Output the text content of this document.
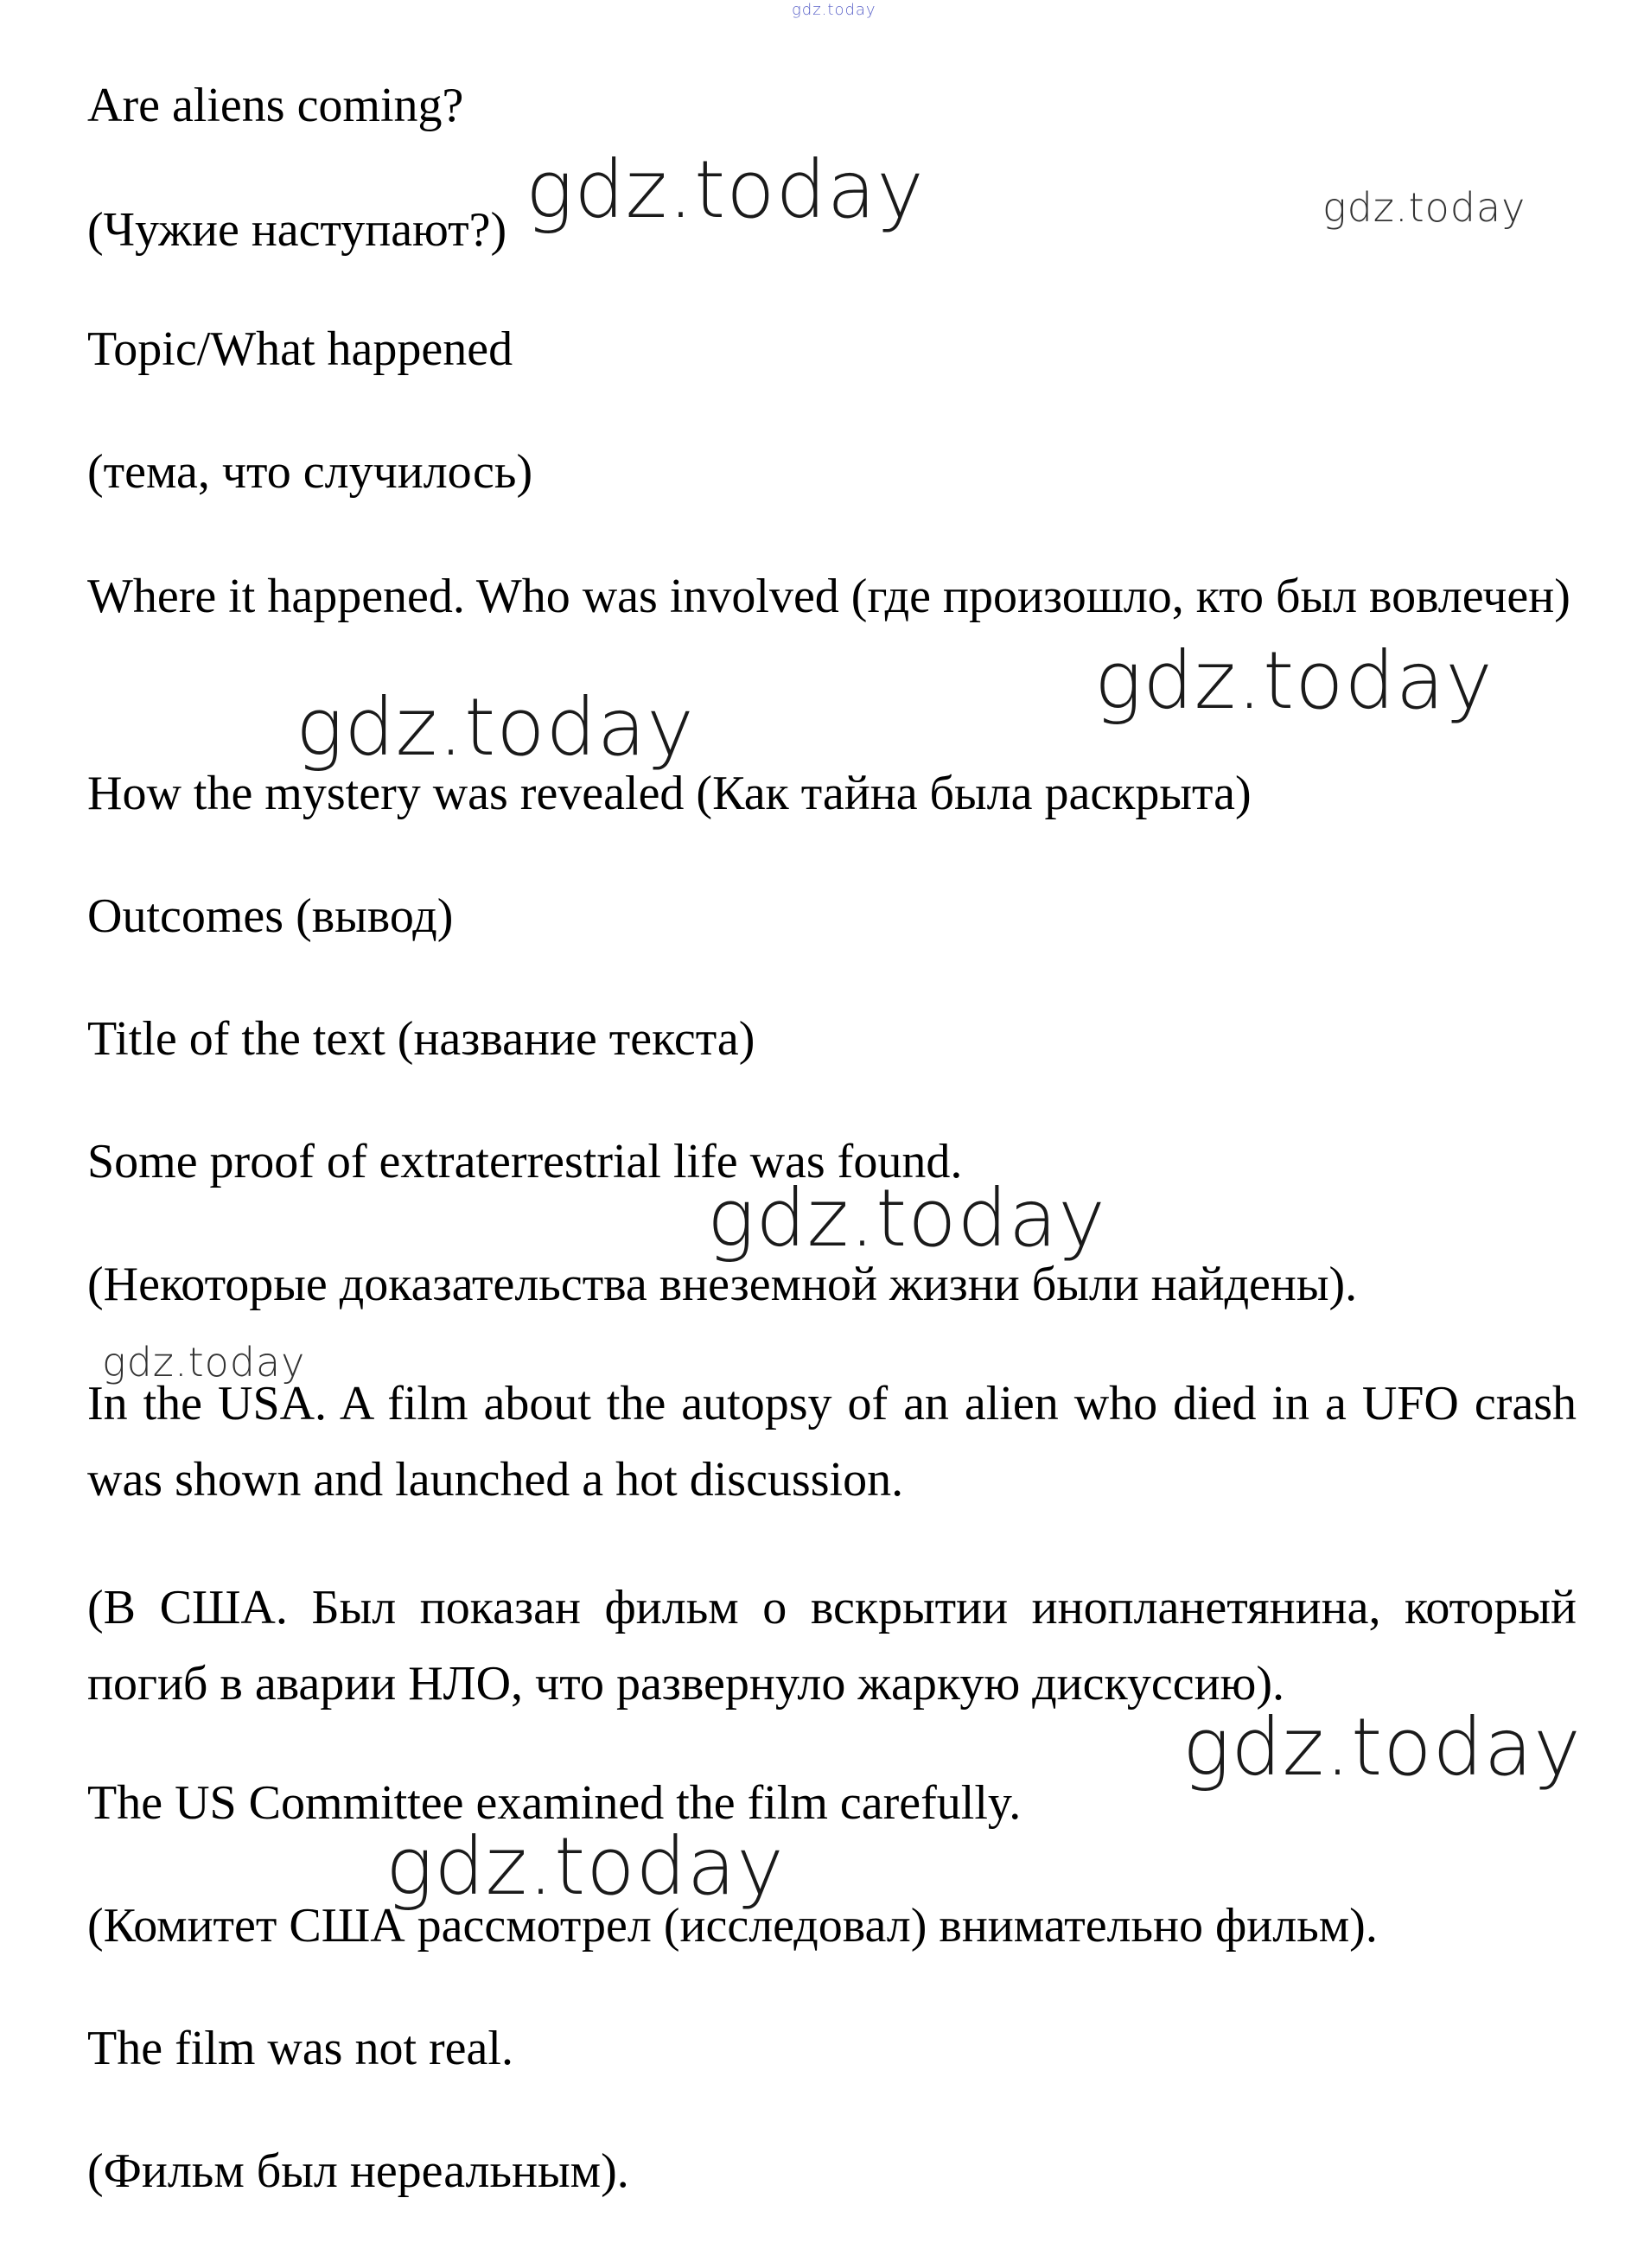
gdz.today
Are aliens coming?
(Чужие наступают?)
Topic/What happened
(тема, что случилось)
Where it happened. Who was involved (где произошло, кто был вовлечен)
How the mystery was revealed (Как тайна была раскрыта)
Outcomes (вывод)
Title of the text (название текста)
Some proof of extraterrestrial life was found.
(Некоторые доказательства внеземной жизни были найдены).
In the USA. A film about the autopsy of an alien who died in a UFO crash was shown and launched a hot discussion.
(В США. Был показан фильм о вскрытии инопланетянина, который погиб в аварии НЛО, что развернуло жаркую дискуссию).
The US Committee examined the film carefully.
(Комитет США рассмотрел (исследовал) внимательно фильм).
The film was not real.
(Фильм был нереальным).
gdz.today	gdz.today
gdz.today
gdz.today
gdz.today
gdz.today
gdz.today
gdz.today
